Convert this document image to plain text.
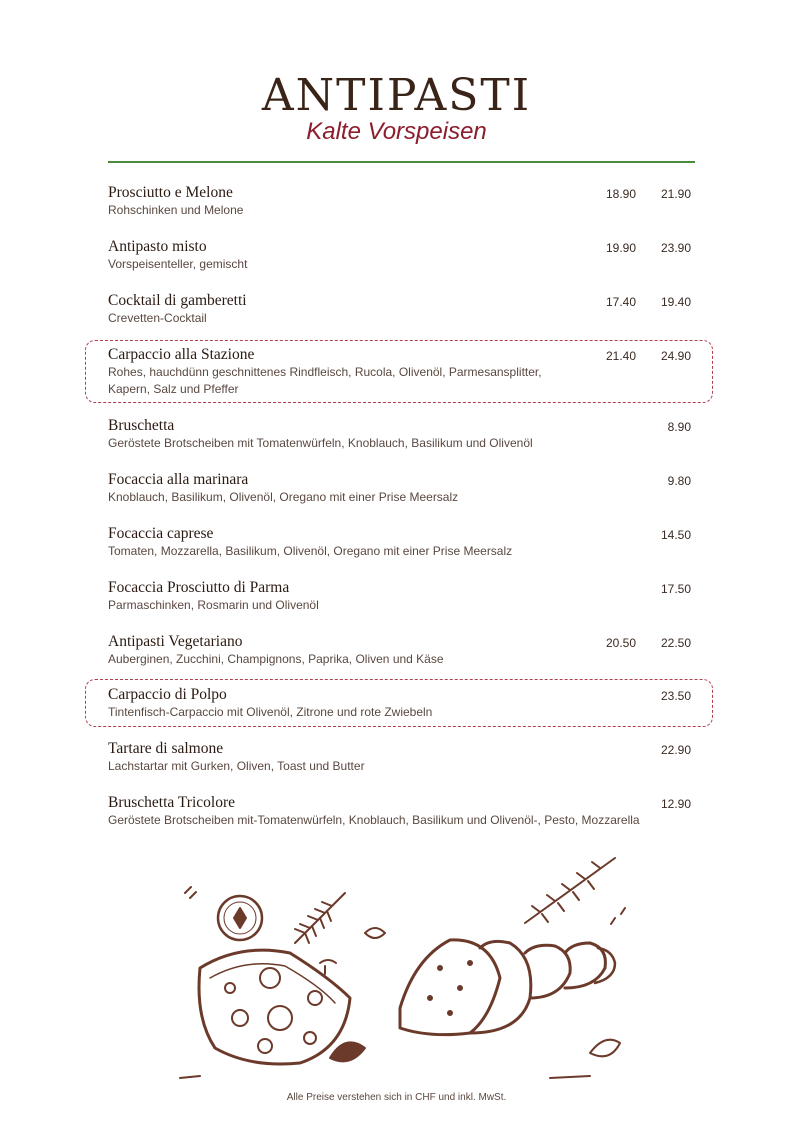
ANTIPASTI
Kalte Vorspeisen
Prosciutto e Melone
Rohschinken und Melone
18.90	21.90
Antipasto misto
Vorspeisenteller, gemischt
19.90	23.90
Cocktail di gamberetti
Crevetten-Cocktail
17.40	19.40
Carpaccio alla Stazione
Rohes, hauchdünn geschnittenes Rindfleisch, Rucola, Olivenöl, Parmesansplitter, Kapern, Salz und Pfeffer
21.40	24.90
Bruschetta
Geröstete Brotscheiben mit Tomatenwürfeln, Knoblauch, Basilikum und Olivenöl
8.90
Focaccia alla marinara
Knoblauch, Basilikum, Olivenöl, Oregano mit einer Prise Meersalz
9.80
Focaccia caprese
Tomaten, Mozzarella, Basilikum, Olivenöl, Oregano mit einer Prise Meersalz
14.50
Focaccia Prosciutto di Parma
Parmaschinken, Rosmarin und Olivenöl
17.50
Antipasti Vegetariano
Auberginen, Zucchini, Champignons, Paprika, Oliven und Käse
20.50	22.50
Carpaccio di Polpo
Tintenfisch-Carpaccio mit Olivenöl, Zitrone und rote Zwiebeln
23.50
Tartare di salmone
Lachstartar mit Gurken, Oliven, Toast und Butter
22.90
Bruschetta Tricolore
Geröstete Brotscheiben mit-Tomatenwürfeln, Knoblauch, Basilikum und Olivenöl-, Pesto, Mozzarella
12.90
Alle Preise verstehen sich in CHF und inkl. MwSt.
